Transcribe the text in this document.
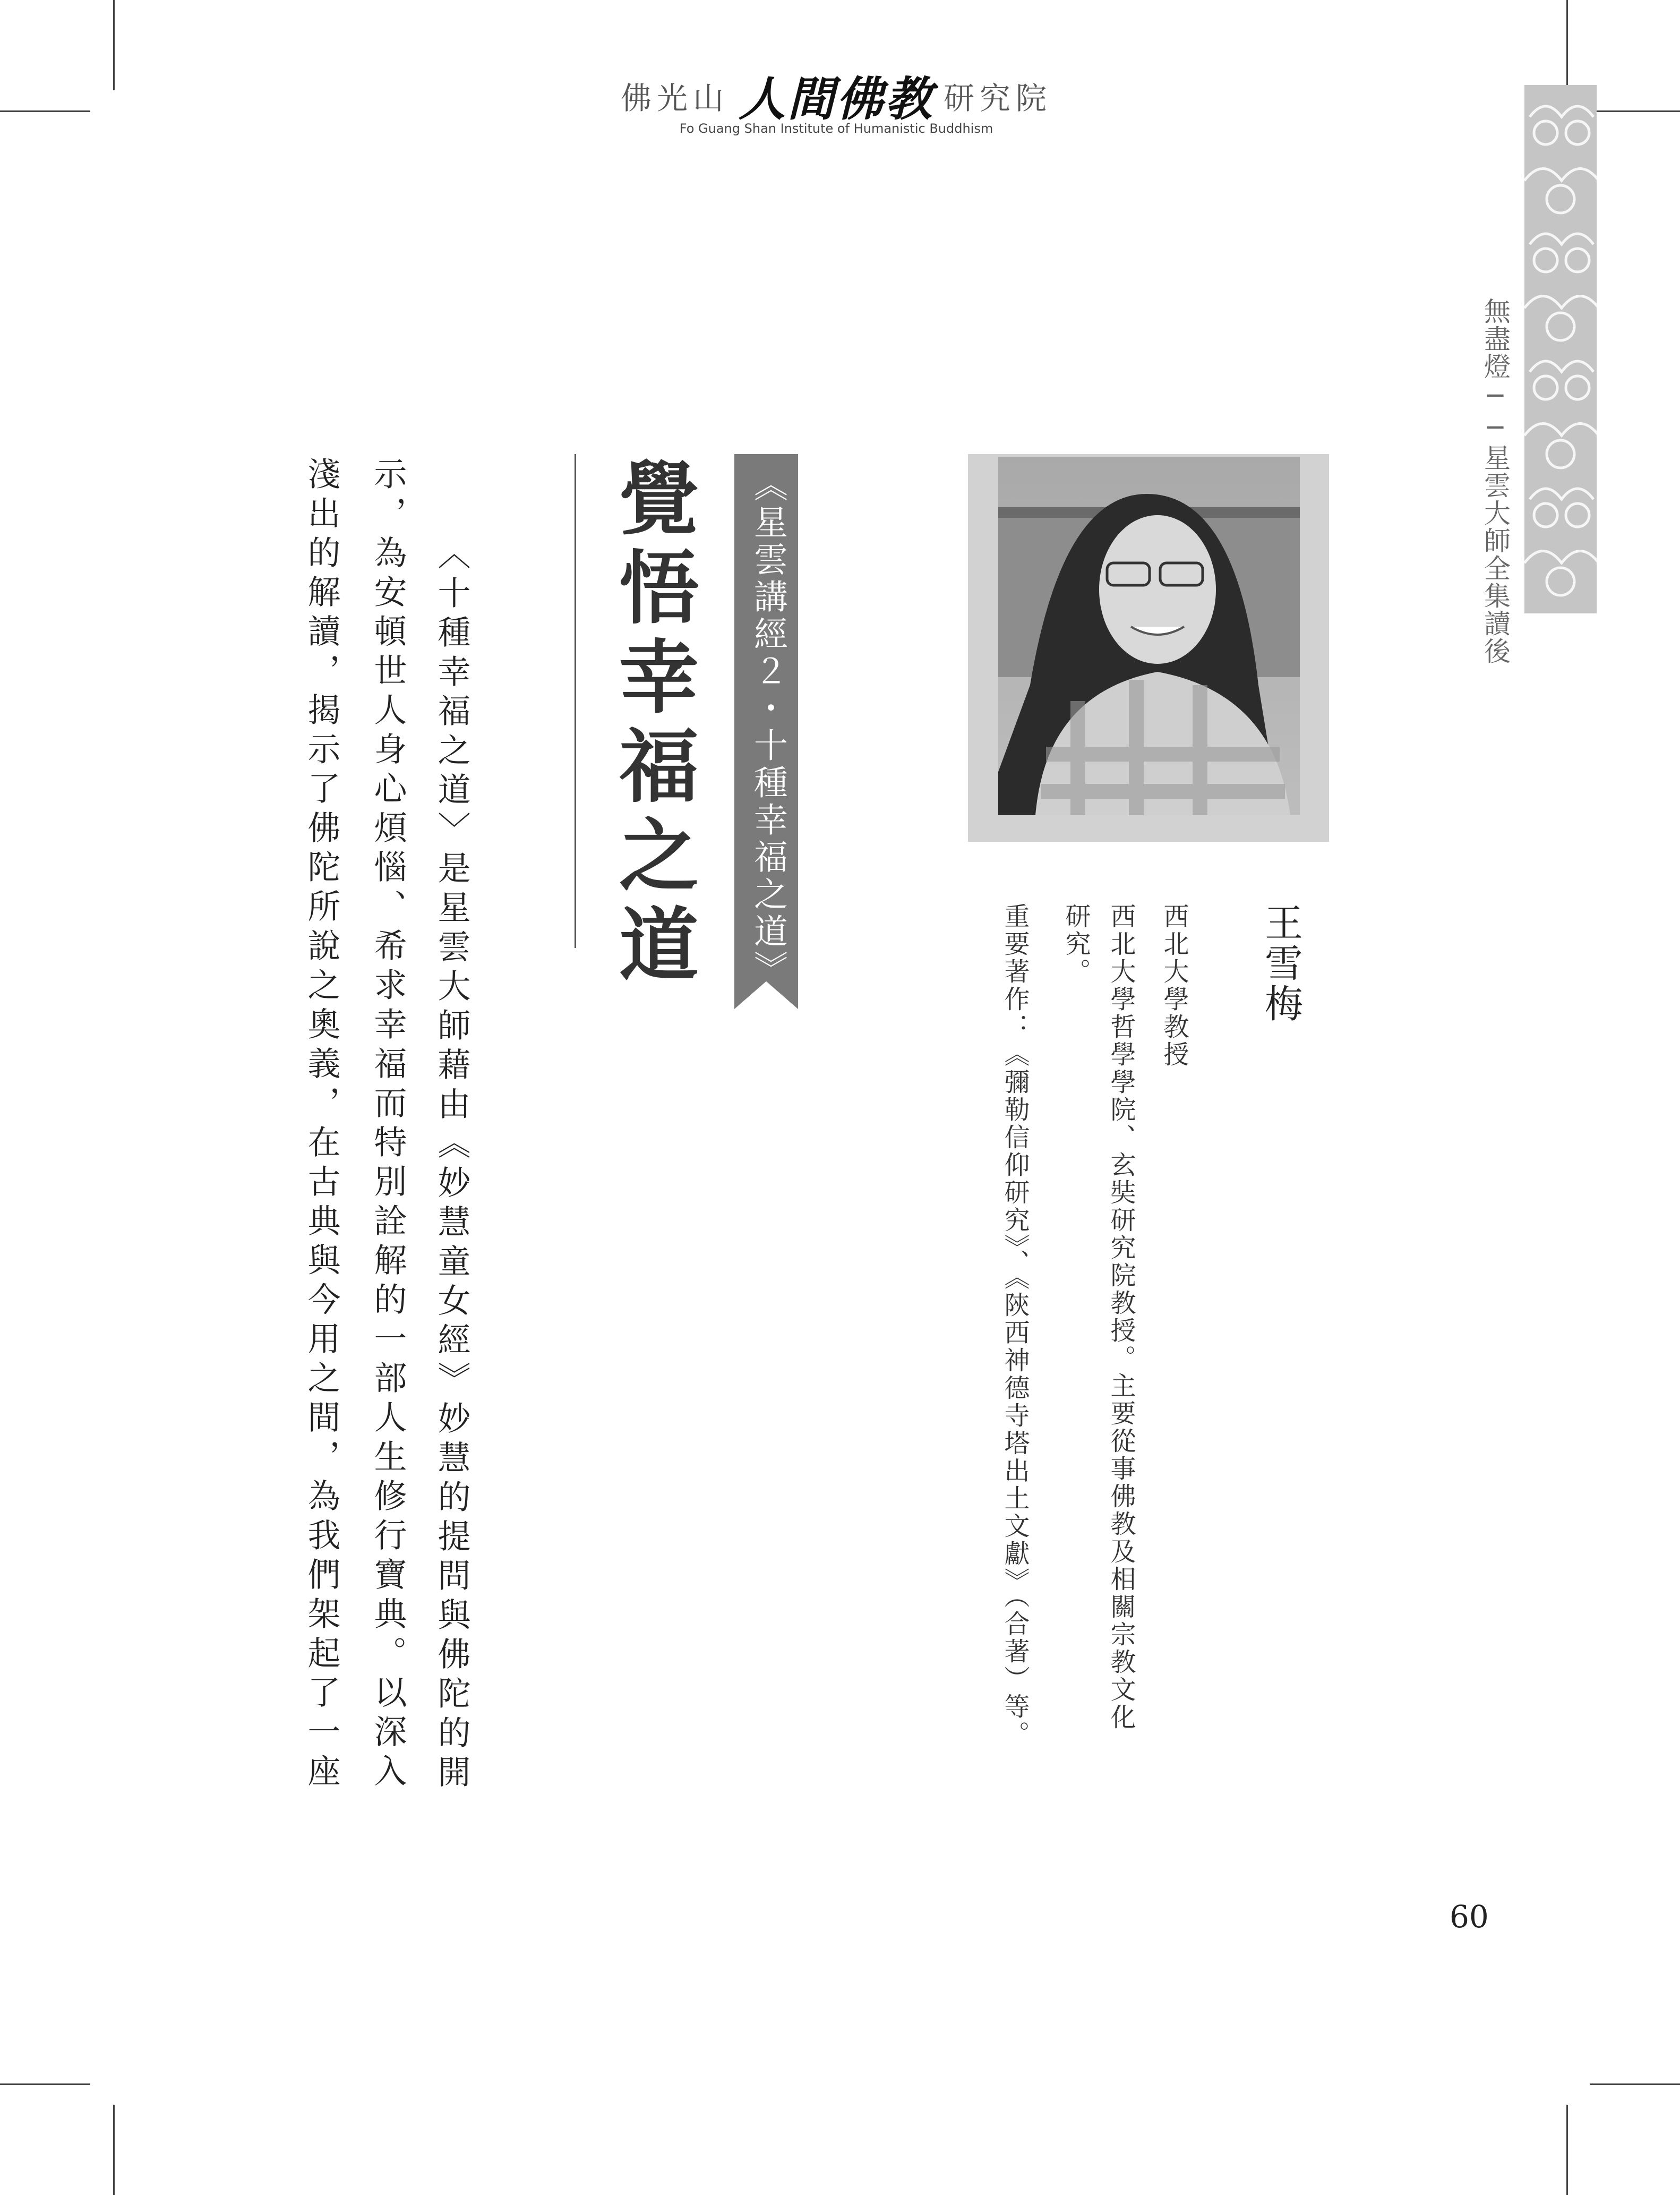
佛光山 人間佛教 研究院
Fo Guang Shan Institute of Humanistic Buddhism
無盡燈──星雲大師全集讀後
王雪梅
西北大學教授
西北大學哲學學院、玄奘研究院教授。主要從事佛教及相關宗教文化
研究。
重要著作：《彌勒信仰研究》、《陝西神德寺塔出土文獻》（合著）等。
《星雲講經２・十種幸福之道》
覺悟幸福之道
〈十種幸福之道〉是星雲大師藉由《妙慧童女經》妙慧的提問與佛陀的開
示，為安頓世人身心煩惱、希求幸福而特別詮解的一部人生修行寶典。以深入
淺出的解讀，揭示了佛陀所說之奧義，在古典與今用之間，為我們架起了一座
60
